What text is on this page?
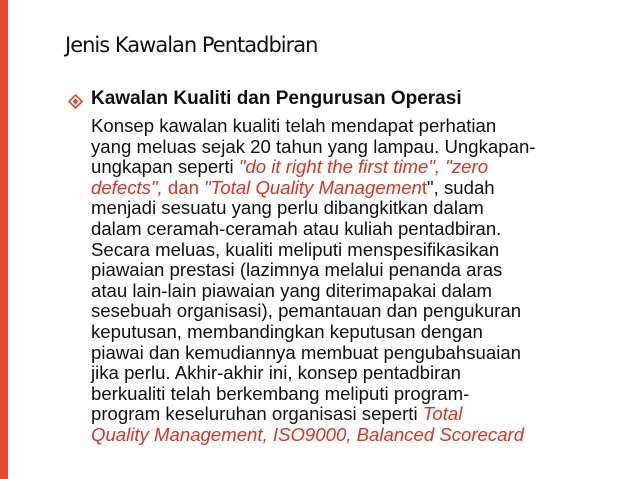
Jenis Kawalan Pentadbiran
Kawalan Kualiti dan Pengurusan Operasi

Konsep kawalan kualiti telah mendapat perhatian
yang meluas sejak 20 tahun yang lampau. Ungkapan-
ungkapan seperti "do it right the first time", "zero
defects", dan "Total Quality Management", sudah
menjadi sesuatu yang perlu dibangkitkan dalam
dalam ceramah-ceramah atau kuliah pentadbiran.
Secara meluas, kualiti meliputi menspesifikasikan
piawaian prestasi (lazimnya melalui penanda aras
atau lain-lain piawaian yang diterimapakai dalam
sesebuah organisasi), pemantauan dan pengukuran
keputusan, membandingkan keputusan dengan
piawai dan kemudiannya membuat pengubahsuaian
jika perlu. Akhir-akhir ini, konsep pentadbiran
berkualiti telah berkembang meliputi program-
program keseluruhan organisasi seperti Total
Quality Management, ISO9000, Balanced Scorecard
